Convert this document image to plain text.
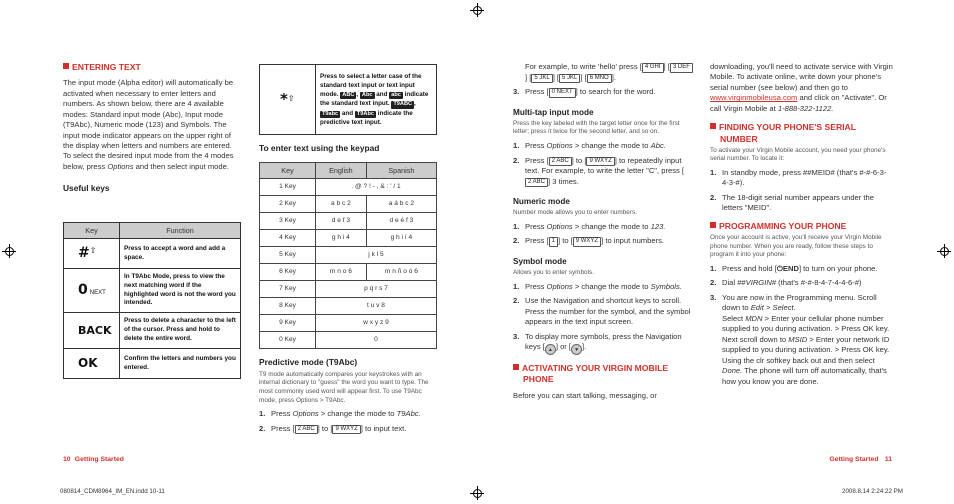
ENTERING TEXT

The input mode (Alpha editor) will automatically be activated when necessary to enter letters and numbers. As shown below, there are 4 available modes: Standard input mode (Abc), Input mode (T9Abc), Numeric mode (123) and Symbols. The input mode indicator appears on the upper right of the display when letters and numbers are entered. To select the desired input mode from the 4 modes below, press Options and then select input mode.

Useful keys
Key	Function
#⇧	Press to accept a word and add a space.
0 NEXT	In T9Abc Mode, press to view the next matching word if the highlighted word is not the word you intended.
BACK	Press to delete a character to the left of the cursor. Press and hold to delete the entire word.
OK	Confirm the letters and numbers you entered.
10 Getting Started
080814_CDM8964_IM_EN.indd 10-11
*⇧	Press to select a letter case of the standard text input or text input mode. ABC , Abc and abc indicate the standard text input. T9ABC , T9abc and T9Abc indicate the predictive text input.
To enter text using the keypad
Key	English	Spanish
1 Key	. @ ? ! - , & : ' / 1	
2 Key	a b c 2	a á b c 2
3 Key	d e f 3	d e é f 3
4 Key	g h i 4	g h i í 4
5 Key	j k l 5	
6 Key	m n o 6	m n ñ o ó 6
7 Key	p q r s 7	
8 Key	t u v 8	
9 Key	w x y z 9	
0 Key	0	
Predictive mode (T9Abc)

T9 mode automatically compares your keystrokes with an internal dictionary to "guess" the word you want to type. The most commonly used word will appear first. To use T9Abc mode, press Options > T9Abc.

1. Press Options > change the mode to T9Abc.
2. Press [ 2 ABC ] to [ 9 WXYZ ] to input text.

For example, to write 'hello' press [ 4 GHI ] [ 3 DEF] [ 5 JKL ] [ 5 JKL ] [ 6 MNO ].

3. Press [ 0 NEXT ] to search for the word.
Multi-tap input mode

Press the key labeled with the target letter once for the first letter; press it twice for the second letter, and so on.

1. Press Options > change the mode to Abc.
2. Press [ 2 ABC ] to [ 9 WXYZ ] to repeatedly input text. For example, to write the letter "C", press [2 ABC ] 3 times.
Numeric mode

Number mode allows you to enter numbers.

1. Press Options > change the mode to 123.
2. Press [ 1 ] to [ 9 WXYZ ] to input numbers.
Symbol mode

Allows you to enter symbols.

1. Press Options > change the mode to Symbols.
2. Use the Navigation and shortcut keys to scroll. Press the number for the symbol, and the symbol appears in the text input screen.
3. To display more symbols, press the Navigation keys [ ▲ ] or [ ▼ ].
ACTIVATING YOUR VIRGIN MOBILE PHONE

Before you can start talking, messaging, or

downloading, you'll need to activate service with Virgin Mobile. To activate online, write down your phone's serial number (see below) and then go to www.virginmobileusa.com and click on "Activate". Or call Virgin Mobile at 1-888-322-1122.

FINDING YOUR PHONE'S SERIAL NUMBER

To activate your Virgin Mobile account, you need your phone's serial number. To locate it:

1. In standby mode, press ##MEID# (that's #-#-6-3-4-3-#).
2. The 18-digit serial number appears under the letters "MEID".
PROGRAMMING YOUR PHONE

Once your account is active, you'll receive your Virgin Mobile phone number. When you are ready, follow these steps to program it into your phone:

1. Press and hold [⏻END] to turn on your phone.
2. Dial ##VIRGIN# (that's #-#-8-4-7-4-4-6-#)
3. You are now in the Programming menu. Scroll down to Edit > Select.
Select MDN > Enter your cellular phone number supplied to you during activation. > Press OK key.
Next scroll down to MSID > Enter your network ID supplied to you during activation. > Press OK key.
Using the clr softkey back out and then select Done. The phone will turn off automatically, that's how you know you are done.
Getting Started 11
2008.8.14 2:24:22 PM
